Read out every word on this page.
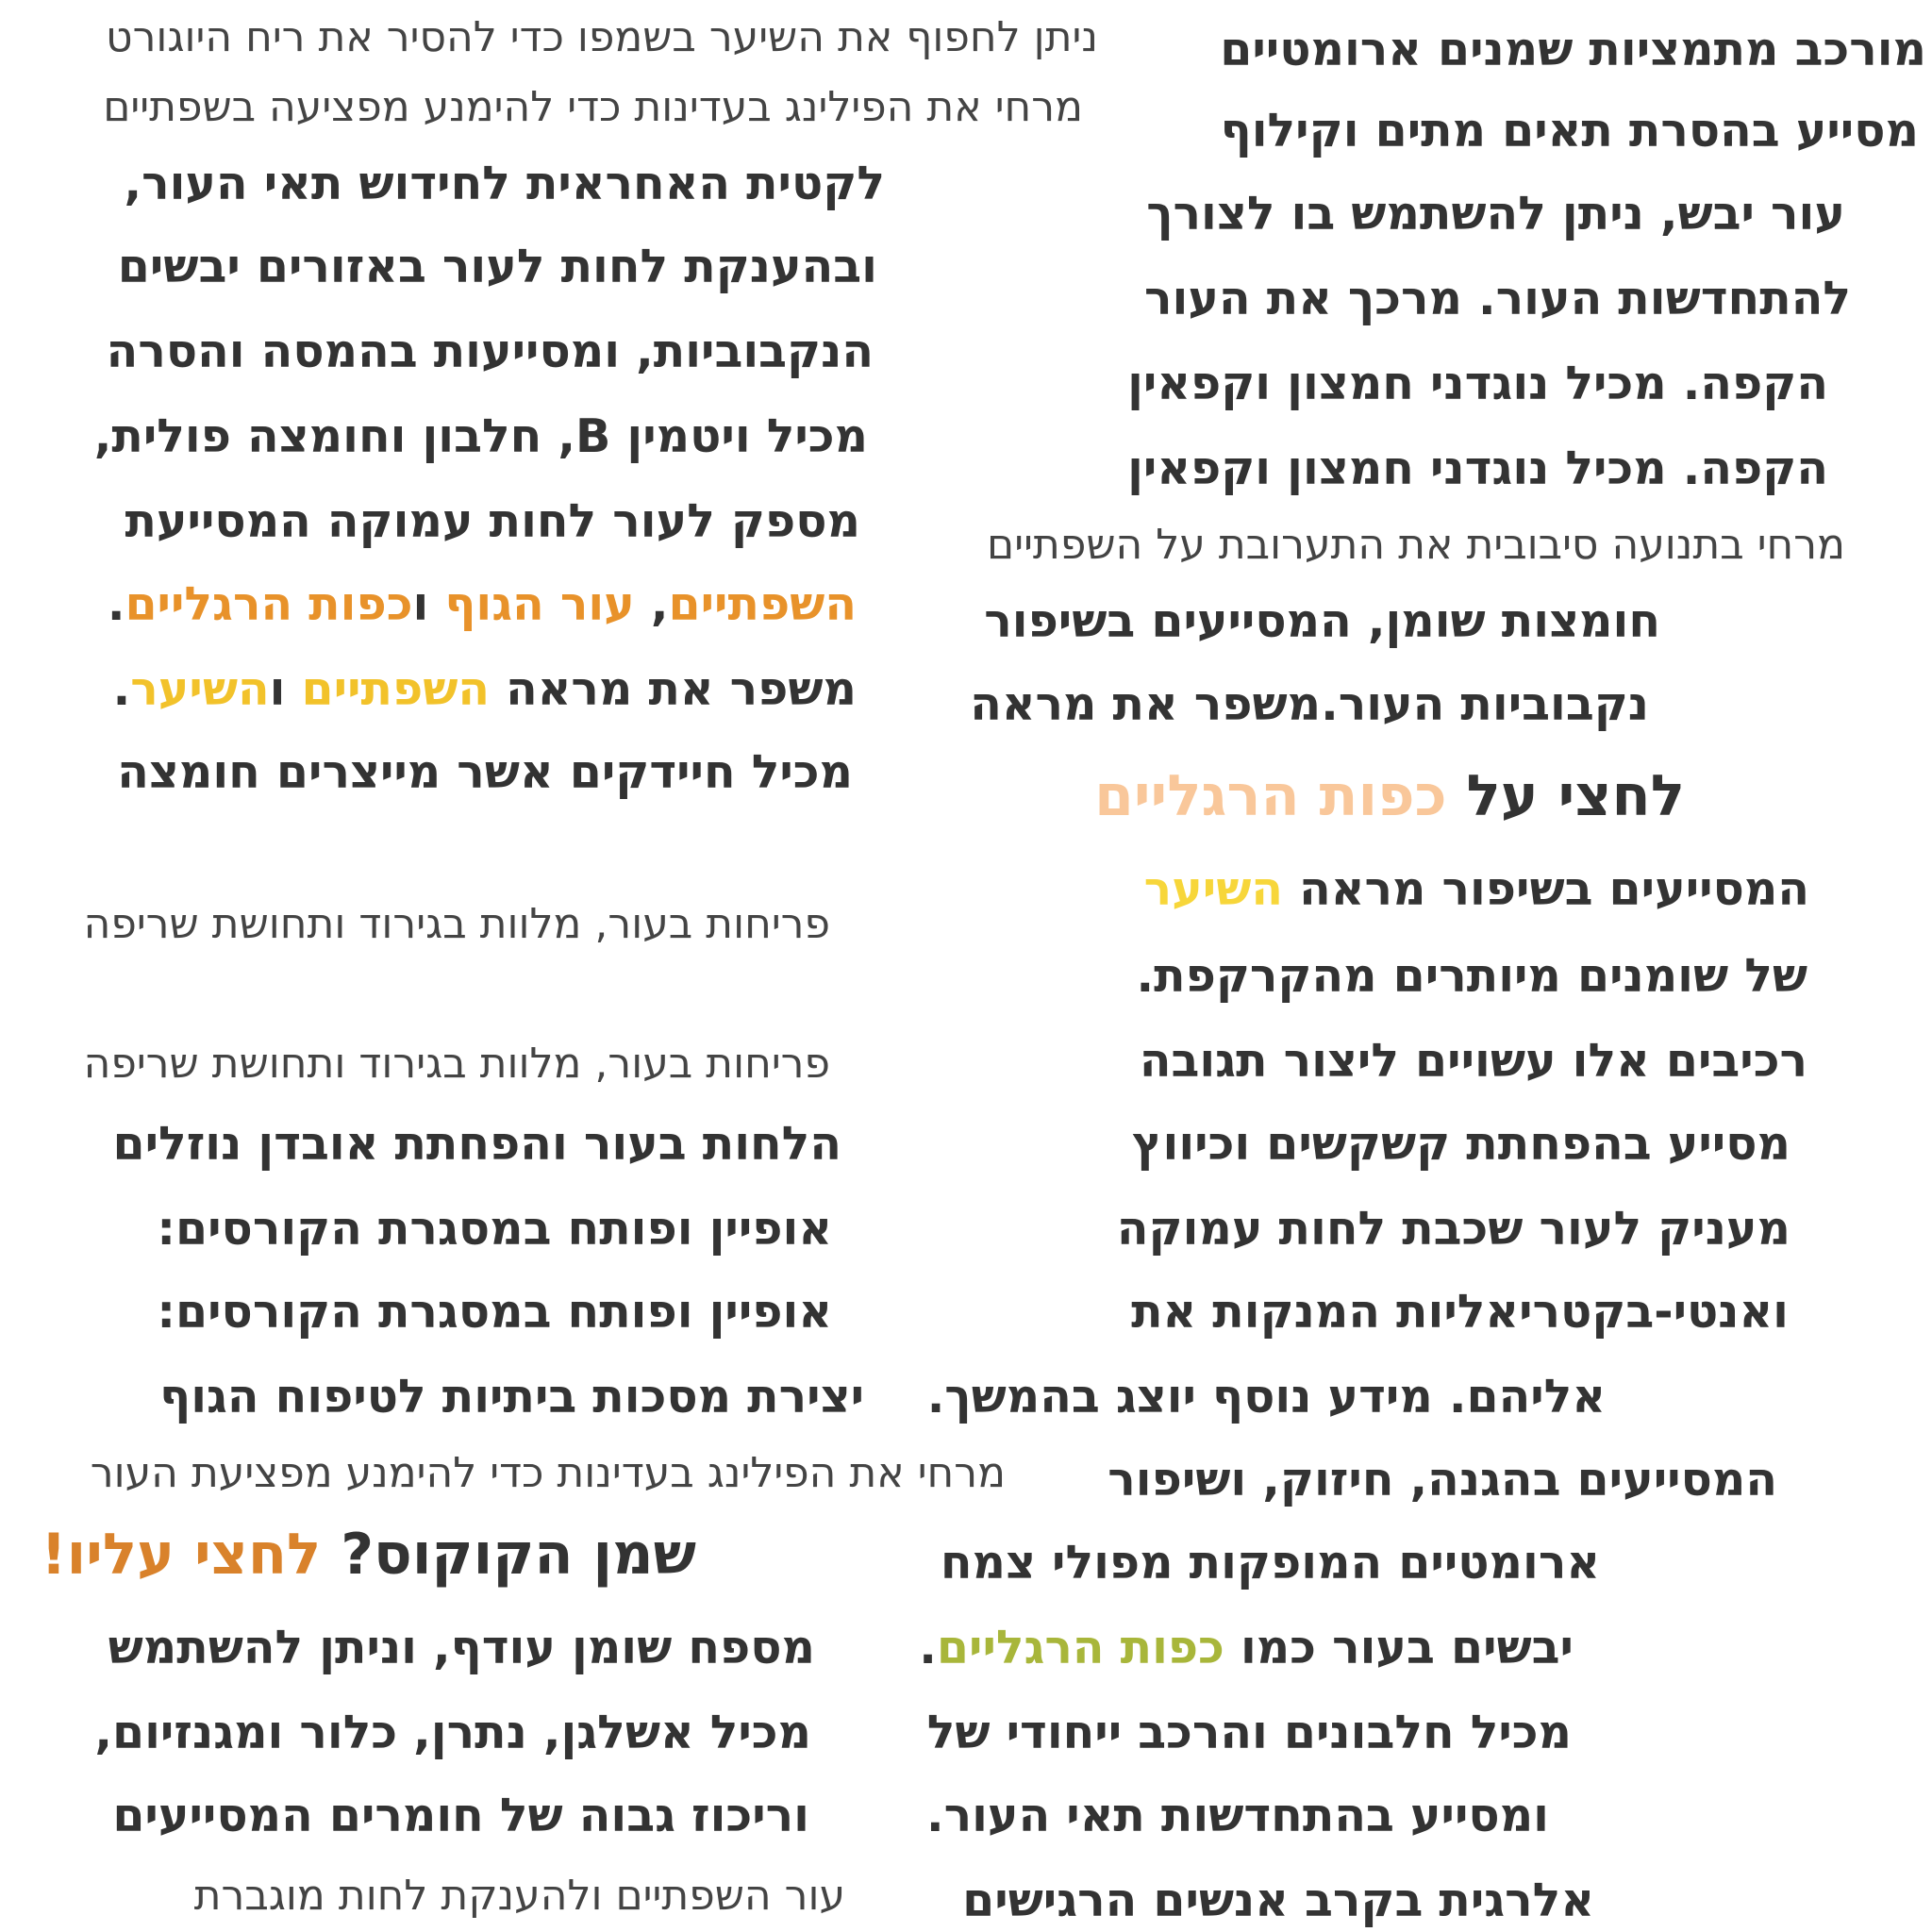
מורכב מתמציות שמנים ארומטיים

מסייע בהסרת תאים מתים וקילוף

עור יבש, ניתן להשתמש בו לצורך

להתחדשות העור. מרכך את העור

הקפה. מכיל נוגדני חמצון וקפאין

הקפה. מכיל נוגדני חמצון וקפאין

מרחי בתנועה סיבובית את התערובת על השפתיים

חומצות שומן, המסייעים בשיפור

נקבוביות העור.משפר את מראה

לחצי על כפות הרגליים

המסייעים בשיפור מראה השיער

של שומנים מיותרים מהקרקפת.

רכיבים אלו עשויים ליצור תגובה

מסייע בהפחתת קשקשים וכיווץ

מעניק לעור שכבת לחות עמוקה

ואנטי-בקטריאליות המנקות את

אליהם. מידע נוסף יוצג בהמשך.

המסייעים בהגנה, חיזוק, ושיפור

ארומטיים המופקות מפולי צמח

יבשים בעור כמו כפות הרגליים.

מכיל חלבונים והרכב ייחודי של

ומסייע בהתחדשות תאי העור.

אלרגית בקרב אנשים הרגישים

ניתן לחפוף את השיער בשמפו כדי להסיר את ריח היוגורט

מרחי את הפילינג בעדינות כדי להימנע מפציעה בשפתיים

לקטית האחראית לחידוש תאי העור,

ובהענקת לחות לעור באזורים יבשים

הנקבוביות, ומסייעות בהמסה והסרה

מכיל ויטמין B, חלבון וחומצה פולית,

מספק לעור לחות עמוקה המסייעת

השפתיים, עור הגוף וכפות הרגליים.

משפר את מראה השפתיים והשיער.

מכיל חיידקים אשר מייצרים חומצה

פריחות בעור, מלוות בגירוד ותחושת שריפה

פריחות בעור, מלוות בגירוד ותחושת שריפה

הלחות בעור והפחתת אובדן נוזלים

אופיין ופותח במסגרת הקורסים:

אופיין ופותח במסגרת הקורסים:

יצירת מסכות ביתיות לטיפוח הגוף

מרחי את הפילינג בעדינות כדי להימנע מפציעת העור

שמן הקוקוס? לחצי עליו!

מספח שומן עודף, וניתן להשתמש

מכיל אשלגן, נתרן, כלור ומגנזיום,

וריכוז גבוה של חומרים המסייעים

עור השפתיים ולהענקת לחות מוגברת
